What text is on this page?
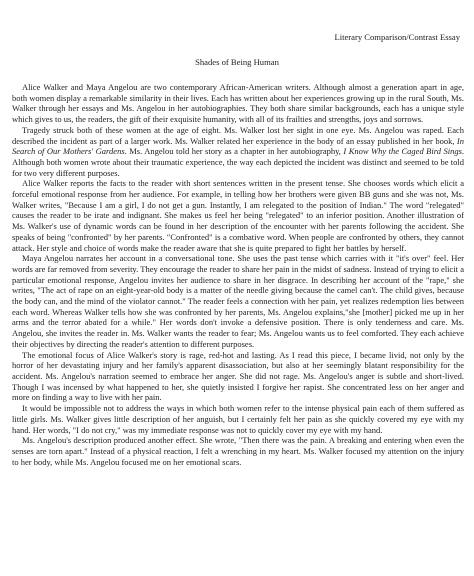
Literary Comparison/Contrast Essay
Shades of Being Human

Alice Walker and Maya Angelou are two contemporary African-American writers. Although almost a generation apart in age, both women display a remarkable similarity in their lives. Each has written about her experiences growing up in the rural South, Ms. Walker through her essays and Ms. Angelou in her autobiographies. They both share similar backgrounds, each has a unique style which gives to us, the readers, the gift of their exquisite humanity, with all of its frailties and strengths, joys and sorrows.

Tragedy struck both of these women at the age of eight. Ms. Walker lost her sight in one eye. Ms. Angelou was raped. Each described the incident as part of a larger work. Ms. Walker related her experience in the body of an essay published in her book, In Search of Our Mothers' Gardens. Ms. Angelou told her story as a chapter in her autobiography, I Know Why the Caged Bird Sings. Although both women wrote about their traumatic experience, the way each depicted the incident was distinct and seemed to be told for two very different purposes.

Alice Walker reports the facts to the reader with short sentences written in the present tense. She chooses words which elicit a forceful emotional response from her audience. For example, in telling how her brothers were given BB guns and she was not, Ms. Walker writes, "Because I am a girl, I do not get a gun. Instantly, I am relegated to the position of Indian." The word "relegated" causes the reader to be irate and indignant. She makes us feel her being "relegated" to an inferior position. Another illustration of Ms. Walker's use of dynamic words can be found in her description of the encounter with her parents following the accident. She speaks of being "confronted" by her parents. "Confronted" is a combative word. When people are confronted by others, they cannot attack. Her style and choice of words make the reader aware that she is quite prepared to fight her battles by herself.

Maya Angelou narrates her account in a conversational tone. She uses the past tense which carries with it "it's over" feel. Her words are far removed from severity. They encourage the reader to share her pain in the midst of sadness. Instead of trying to elicit a particular emotional response, Angelou invites her audience to share in her disgrace. In describing her account of the "rape," she writes, "The act of rape on an eight-year-old body is a matter of the needle giving because the camel can't. The child gives, because the body can, and the mind of the violator cannot." The reader feels a connection with her pain, yet realizes redemption lies between each word. Whereas Walker tells how she was confronted by her parents, Ms. Angelou explains,"she [mother] picked me up in her arms and the terror abated for a while." Her words don't invoke a defensive position. There is only tenderness and care. Ms. Angelou, she invites the reader in. Ms. Walker wants the reader to fear; Ms. Angelou wants us to feel comforted. They each achieve their objectives by directing the reader's attention to different purposes.

The emotional focus of Alice Walker's story is rage, red-hot and lasting. As I read this piece, I became livid, not only by the horror of her devastating injury and her family's apparent disassociation, but also at her seemingly blatant responsibility for the accident. Ms. Angelou's narration seemed to embrace her anger. She did not rage. Ms. Angelou's anger is subtle and short-lived. Though I was incensed by what happened to her, she quietly insisted I forgive her rapist. She concentrated less on her anger and more on finding a way to live with her pain.

It would be impossible not to address the ways in which both women refer to the intense physical pain each of them suffered as little girls. Ms. Walker gives little description of her anguish, but I certainly felt her pain as she quickly covered my eye with my hand. Her words, "I do not cry," was my immediate response was not to quickly cover my eye with my hand.

Ms. Angelou's description produced another effect. She wrote, "Then there was the pain. A breaking and entering when even the senses are torn apart." Instead of a physical reaction, I felt a wrenching in my heart. Ms. Walker focused my attention on the injury to her body, while Ms. Angelou focused me on her emotional scars.
